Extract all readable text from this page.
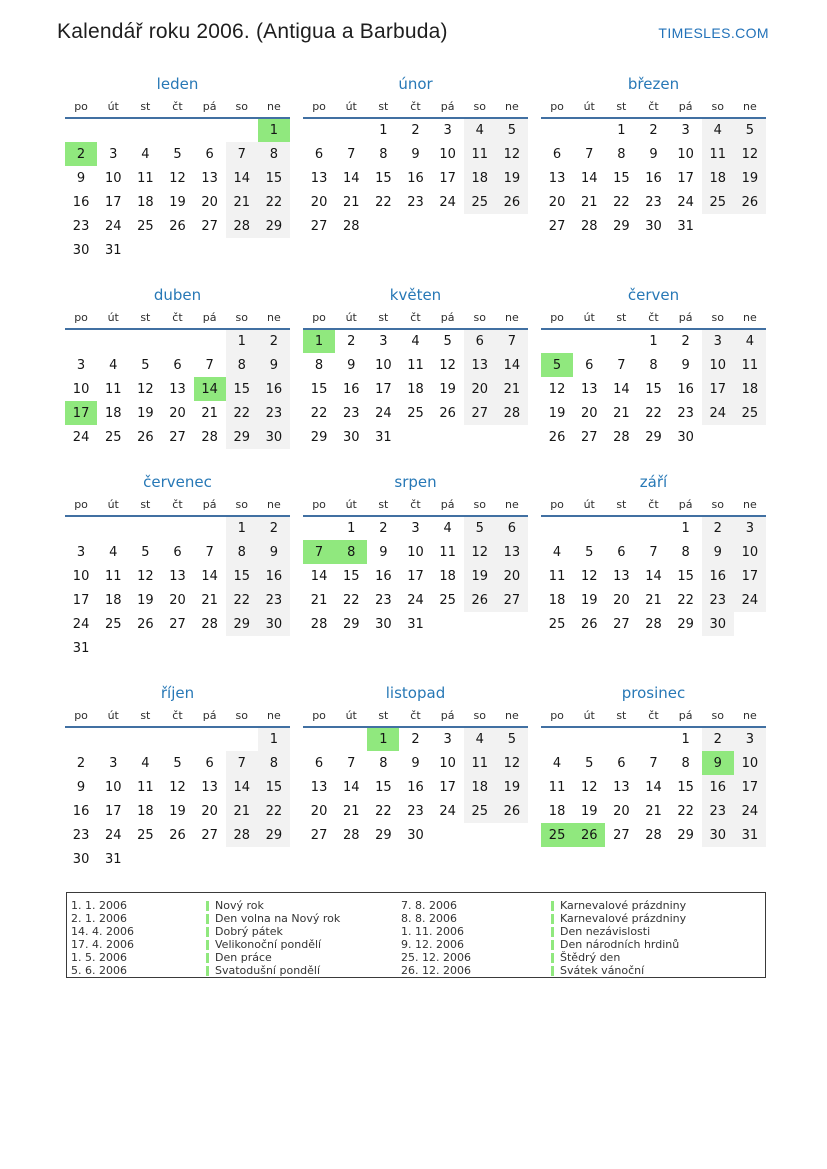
Kalendář roku 2006. (Antigua a Barbuda)	TIMESLES.COM
leden
po	út	st	čt	pá	so	ne
						1
2	3	4	5	6	7	8
9	10	11	12	13	14	15
16	17	18	19	20	21	22
23	24	25	26	27	28	29
30	31					
únor
po	út	st	čt	pá	so	ne
		1	2	3	4	5
6	7	8	9	10	11	12
13	14	15	16	17	18	19
20	21	22	23	24	25	26
27	28					
březen
po	út	st	čt	pá	so	ne
		1	2	3	4	5
6	7	8	9	10	11	12
13	14	15	16	17	18	19
20	21	22	23	24	25	26
27	28	29	30	31		
duben
po	út	st	čt	pá	so	ne
					1	2
3	4	5	6	7	8	9
10	11	12	13	14	15	16
17	18	19	20	21	22	23
24	25	26	27	28	29	30
květen
po	út	st	čt	pá	so	ne
1	2	3	4	5	6	7
8	9	10	11	12	13	14
15	16	17	18	19	20	21
22	23	24	25	26	27	28
29	30	31				
červen
po	út	st	čt	pá	so	ne
			1	2	3	4
5	6	7	8	9	10	11
12	13	14	15	16	17	18
19	20	21	22	23	24	25
26	27	28	29	30		
červenec
po	út	st	čt	pá	so	ne
					1	2
3	4	5	6	7	8	9
10	11	12	13	14	15	16
17	18	19	20	21	22	23
24	25	26	27	28	29	30
31						
srpen
po	út	st	čt	pá	so	ne
	1	2	3	4	5	6
7	8	9	10	11	12	13
14	15	16	17	18	19	20
21	22	23	24	25	26	27
28	29	30	31			
září
po	út	st	čt	pá	so	ne
				1	2	3
4	5	6	7	8	9	10
11	12	13	14	15	16	17
18	19	20	21	22	23	24
25	26	27	28	29	30	
říjen
po	út	st	čt	pá	so	ne
						1
2	3	4	5	6	7	8
9	10	11	12	13	14	15
16	17	18	19	20	21	22
23	24	25	26	27	28	29
30	31					
listopad
po	út	st	čt	pá	so	ne
		1	2	3	4	5
6	7	8	9	10	11	12
13	14	15	16	17	18	19
20	21	22	23	24	25	26
27	28	29	30			
prosinec
po	út	st	čt	pá	so	ne
				1	2	3
4	5	6	7	8	9	10
11	12	13	14	15	16	17
18	19	20	21	22	23	24
25	26	27	28	29	30	31
1. 1. 2006	Nový rok
2. 1. 2006	Den volna na Nový rok
14. 4. 2006	Dobrý pátek
17. 4. 2006	Velikonoční pondělí
1. 5. 2006	Den práce
5. 6. 2006	Svatodušní pondělí
7. 8. 2006	Karnevalové prázdniny
8. 8. 2006	Karnevalové prázdniny
1. 11. 2006	Den nezávislosti
9. 12. 2006	Den národních hrdinů
25. 12. 2006	Štědrý den
26. 12. 2006	Svátek vánoční
